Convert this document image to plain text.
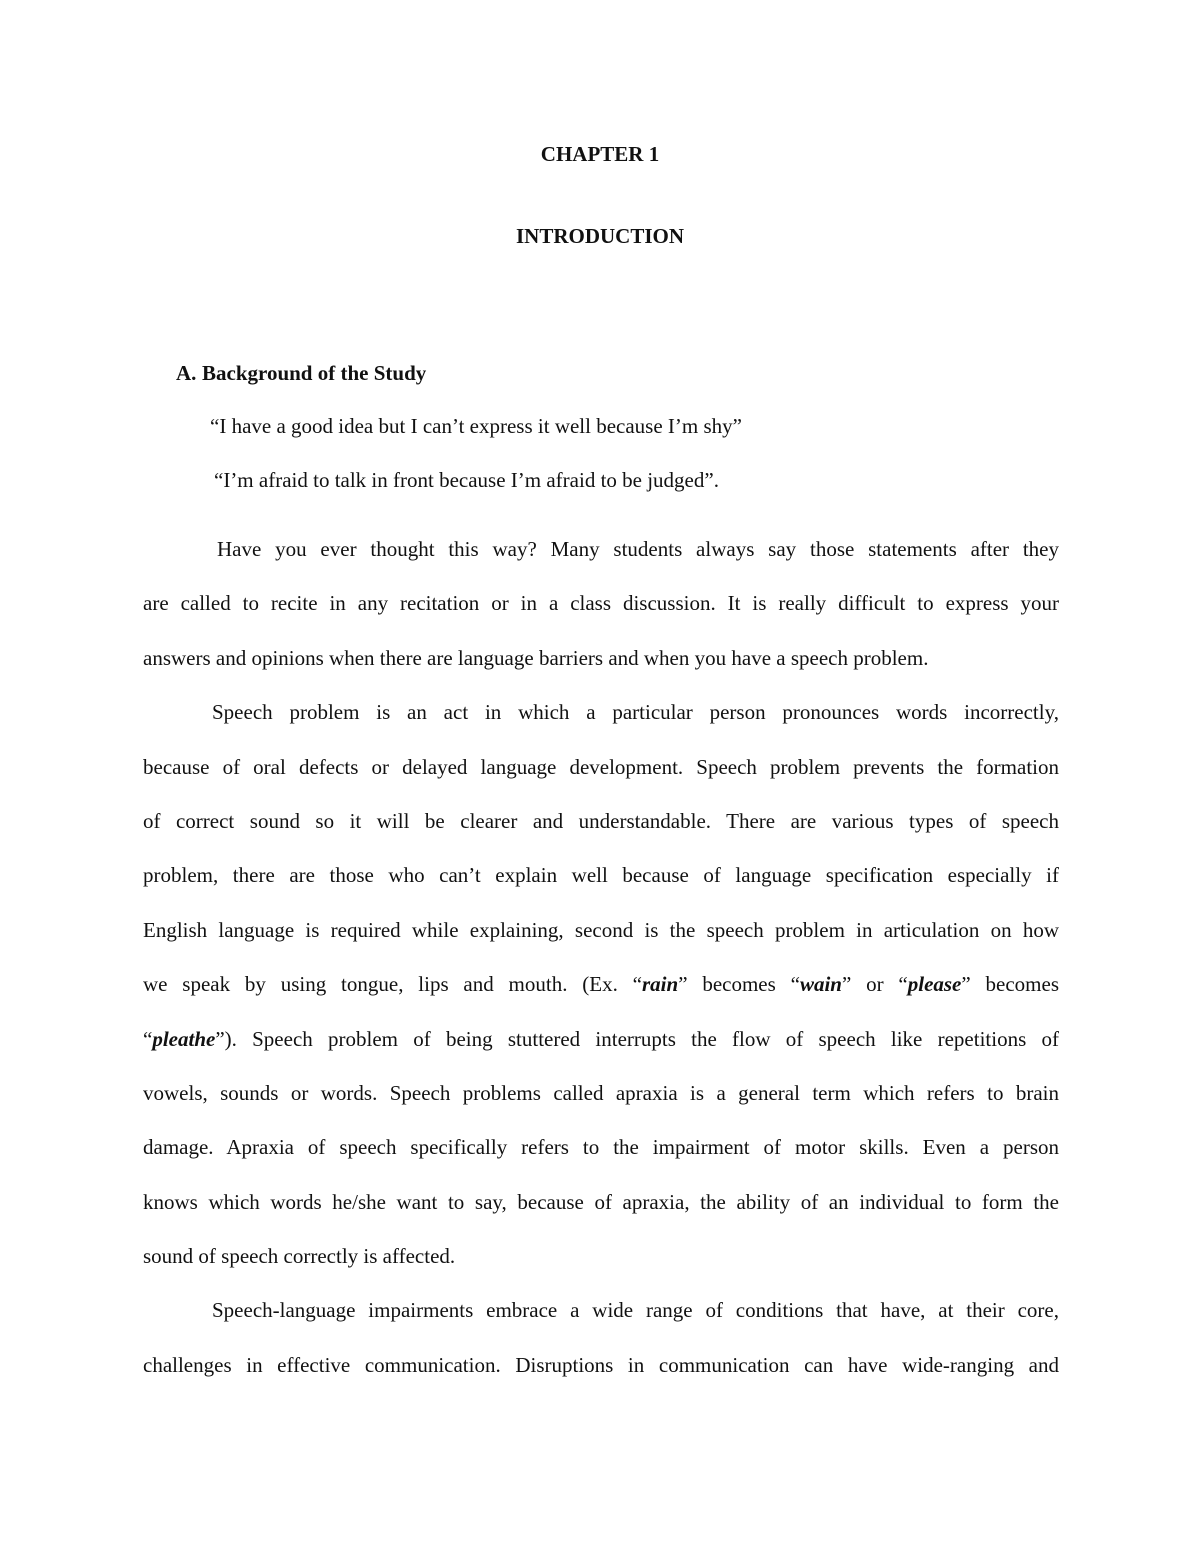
CHAPTER 1
INTRODUCTION
A. Background of the Study
“I have a good idea but I can’t express it well because I’m shy”
“I’m afraid to talk in front because I’m afraid to be judged”.

Have you ever thought this way? Many students always say those statements after they
are called to recite in any recitation or in a class discussion. It is really difficult to express your
answers and opinions when there are language barriers and when you have a speech problem.

Speech problem is an act in which a particular person pronounces words incorrectly,
because of oral defects or delayed language development. Speech problem prevents the formation
of correct sound so it will be clearer and understandable. There are various types of speech
problem, there are those who can’t explain well because of language specification especially if
English language is required while explaining, second is the speech problem in articulation on how
we speak by using tongue, lips and mouth. (Ex. “rain” becomes “wain” or “please” becomes
“pleathe”). Speech problem of being stuttered interrupts the flow of speech like repetitions of
vowels, sounds or words. Speech problems called apraxia is a general term which refers to brain
damage. Apraxia of speech specifically refers to the impairment of motor skills. Even a person
knows which words he/she want to say, because of apraxia, the ability of an individual to form the
sound of speech correctly is affected.

Speech-language impairments embrace a wide range of conditions that have, at their core,
challenges in effective communication. Disruptions in communication can have wide-ranging and
